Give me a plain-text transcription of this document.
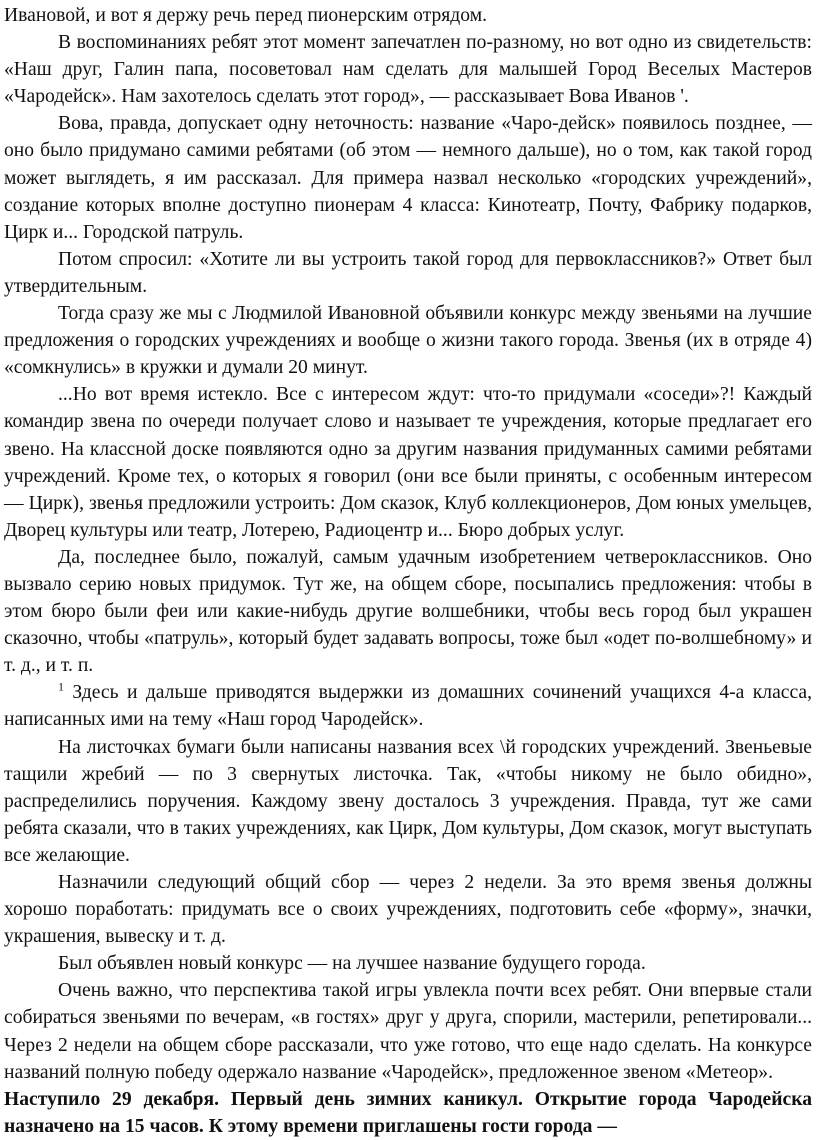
Ивановой, и вот я держу речь перед пионерским отрядом.

В воспоминаниях ребят этот момент запечатлен по-разному, но вот одно из свидетельств: «Наш друг, Галин папа, посоветовал нам сделать для малышей Город Веселых Мастеров «Чародейск». Нам захотелось сделать этот город», — рассказывает Вова Иванов '.

Вова, правда, допускает одну неточность: название «Чаро-дейск» появилось позднее, — оно было придумано самими ребятами (об этом — немного дальше), но о том, как такой город может выглядеть, я им рассказал. Для примера назвал несколько «городских учреждений», создание которых вполне доступно пионерам 4 класса: Кинотеатр, Почту, Фабрику подарков, Цирк и... Городской патруль.

Потом спросил: «Хотите ли вы устроить такой город для первоклассников?» Ответ был утвердительным.

Тогда сразу же мы с Людмилой Ивановной объявили конкурс между звеньями на лучшие предложения о городских учреждениях и вообще о жизни такого города. Звенья (их в отряде 4) «сомкнулись» в кружки и думали 20 минут.

...Но вот время истекло. Все с интересом ждут: что-то придумали «соседи»?! Каждый командир звена по очереди получает слово и называет те учреждения, которые предлагает его звено. На классной доске появляются одно за другим названия придуманных самими ребятами учреждений. Кроме тех, о которых я говорил (они все были приняты, с особенным интересом — Цирк), звенья предложили устроить: Дом сказок, Клуб коллекционеров, Дом юных умельцев, Дворец культуры или театр, Лотерею, Радиоцентр и... Бюро добрых услуг.

Да, последнее было, пожалуй, самым удачным изобретением четвероклассников. Оно вызвало серию новых придумок. Тут же, на общем сборе, посыпались предложения: чтобы в этом бюро были феи или какие-нибудь другие волшебники, чтобы весь город был украшен сказочно, чтобы «патруль», который будет задавать вопросы, тоже был «одет по-волшебному» и т. д., и т. п.

$^1$ Здесь и дальше приводятся выдержки из домашних сочинений учащихся 4-а класса, написанных ими на тему «Наш город Чародейск».

На листочках бумаги были написаны названия всех \й городских учреждений. Звеньевые тащили жребий — по 3 свернутых листочка. Так, «чтобы никому не было обидно», распределились поручения. Каждому звену досталось 3 учреждения. Правда, тут же сами ребята сказали, что в таких учреждениях, как Цирк, Дом культуры, Дом сказок, могут выступать все желающие.

Назначили следующий общий сбор — через 2 недели. За это время звенья должны хорошо поработать: придумать все о своих учреждениях, подготовить себе «форму», значки, украшения, вывеску и т. д.

Был объявлен новый конкурс — на лучшее название будущего города.

Очень важно, что перспектива такой игры увлекла почти всех ребят. Они впервые стали собираться звеньями по вечерам, «в гостях» друг у друга, спорили, мастерили, репетировали... Через 2 недели на общем сборе рассказали, что уже готово, что еще надо сделать. На конкурсе названий полную победу одержало название «Чародейск», предложенное звеном «Метеор».

Наступило 29 декабря. Первый день зимних каникул. Открытие города Чародейска назначено на 15 часов. К этому времени приглашены гости города —
